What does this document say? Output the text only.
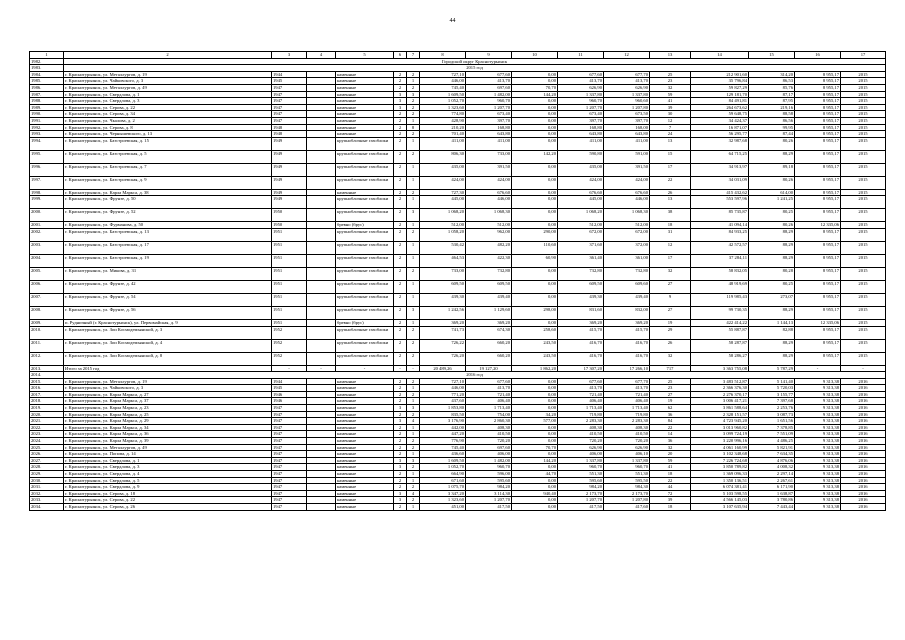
44
1	2	3	4	5	6	7	8	9	10	11	12	13	14	15	16	17
1982.	Городской округ Краснотурьинск															
1983.	2015 год															
1984.	г. Краснотурьинск, ул. Металлургов, д. 19	1944		каменные	2	2	727,10	677,60	0,00	677,60	677,70	25	212 901,60	314,20	8 955,17	2015
1985.	г. Краснотурьинск, ул. Чайковского, д. 3	1945		каменные	2	1	446,00	413,70	0,00	413,70	413,70	23	35 796,84	86,53	8 955,17	2015
1986.	г. Краснотурьинск, ул. Металлургов, д. 49	1947		каменные	2	2	745,40	697,60	70,70	626,90	626,90	32	59 827,29	85,76	8 955,17	2015
1987.	г. Краснотурьинск, ул. Свердлова, д. 1	1947		каменные	3	3	1 609,50	1 482,00	144,20	1 337,80	1 337,80	59	129 181,70	87,17	8 955,17	2015
1988.	г. Краснотурьинск, ул. Свердлова, д. 3	1947		каменные	3	2	1 052,70	960,70	0,00	960,70	960,60	41	84 491,81	87,95	8 955,17	2015
1989.	г. Краснотурьинск, ул. Серова, д. 22	1947		каменные	3	2	1 323,60	1 207,70	0,00	1 207,70	1 207,80	39	264 673,62	219,16	8 955,17	2015
1990.	г. Краснотурьинск, ул. Серова, д. 34	1947		каменные	2	2	774,80	673,40	0,00	673,40	673,50	30	59 648,75	88,58	8 955,17	2015
1991.	г. Краснотурьинск, ул. Чкалова, д. 2	1947		каменные	2	1	428,90	397,70	0,00	397,70	397,70	12	34 424,37	86,56	8 955,17	2015
1992.	г. Краснотурьинск, ул. Серова, д. 8	1948		каменные	2	8	210,20	168,80	0,00	168,80	168,00	7	16 871,07	99,95	8 955,17	2015
1993.	г. Краснотурьинск, ул. Чернышевского, д. 13	1948		каменные	2	2	701,40	643,80	0,00	643,80	643,80	24	56 295,77	87,44	8 955,17	2015
1994.	г. Краснотурьинск, ул. Базстроевская, д. 15	1949		крупноблочные газоблоки	2	1	411,00	411,00	0,00	411,00	411,00	13	32 987,68	80,26	8 955,17	2015
1995.	г. Краснотурьинск, ул. Базстроевская, д. 5	1949		крупноблочные газоблоки	2	2	806,30	733,00	142,20	590,80	591,00	15	64 715,25	88,29	8 955,17	2015
1996.	г. Краснотурьинск, ул. Базстроевская, д. 7	1949		крупноблочные газоблоки	2	1	435,00	391,50	0,00	435,00	391,50	17	34 913,97	89,18	8 955,17	2015
1997.	г. Краснотурьинск, ул. Базстроевская, д. 9	1949		крупноблочные газоблоки	2	1	424,00	424,00	0,00	424,00	424,00	22	34 031,09	80,26	8 955,17	2015
1998.	г. Краснотурьинск, ул. Карла Маркса, д. 38	1949		каменные	2	2	727,30	676,60	0,00	676,60	676,60	26	415 432,62	614,00	8 955,17	2015
1999.	г. Краснотурьинск, ул. Фрунзе, д. 50	1949		крупноблочные газоблоки	2	1	445,00	446,00	0,00	445,00	446,00	13	553 597,96	1 241,25	8 955,17	2015
2000.	г. Краснотурьинск, ул. Фрунзе, д. 52	1950		крупноблочные газоблоки	2	3	1 068,20	1 068,30	0,00	1 068,20	1 068,30	38	85 735,87	80,25	8 955,17	2015
2001.	г. Краснотурьинск, ул. Фурманова, д. 50	1950		бревно (брус)	2	1	512,00	512,00	0,00	512,00	512,00	18	41 094,14	80,26	12 335,06	2015
2002.	г. Краснотурьинск, ул. Базстроевская, д. 13	1951		крупноблочные газоблоки	2	2	1 058,20	962,00	290,00	672,00	672,00	31	84 933,25	88,29	8 955,17	2015
2003.	г. Краснотурьинск, ул. Базстроевская, д. 17	1951		крупноблочные газоблоки	2	1	530,42	482,20	110,60	371,60	372,00	12	42 572,57	88,29	8 955,17	2015
2004.	г. Краснотурьинск, ул. Базстроевская, д. 19	1951		крупноблочные газоблоки	2	1	464,53	422,30	60,90	361,40	361,00	17	37 284,11	88,29	8 955,17	2015
2005.	г. Краснотурьинск, ул. Микова, д. 31	1951		крупноблочные газоблоки	2	2	733,00	732,80	0,00	732,80	732,80	32	58 832,05	80,28	8 955,17	2015
2006.	г. Краснотурьинск, ул. Фрунзе, д. 42	1951		крупноблочные газоблоки	2	1	609,50	609,50	0,00	609,50	609,60	27	48 919,69	80,25	8 955,17	2015
2007.	г. Краснотурьинск, ул. Фрунзе, д. 54	1951		крупноблочные газоблоки	2	1	439,30	439,40	0,00	439,30	439,40	9	119 985,43	273,07	8 955,17	2015
2008.	г. Краснотурьинск, ул. Фрунзе, д. 56	1951		крупноблочные газоблоки	2	3	1 242,56	1 129,60	298,00	831,60	832,00	27	99 730,35	88,29	8 955,17	2015
2009.	п. Рудничный (г. Краснотурьинск), ул. Первомайская, д. 9	1951		бревно (брус)	2	1	369,20	369,20	0,00	369,20	369,20	19	422 414,22	1 144,13	12 335,06	2015
2010.	г. Краснотурьинск, ул. Зои Космодемьянской, д. 3	1952		крупноблочные газоблоки	2	2	741,73	674,30	258,60	415,70	415,70	29	55 887,87	82,88	8 955,17	2015
2011.	г. Краснотурьинск, ул. Зои Космодемьянской, д. 4	1952		крупноблочные газоблоки	2	2	726,22	660,20	243,50	416,70	416,70	26	58 287,87	88,29	8 955,17	2015
2012.	г. Краснотурьинск, ул. Зои Космодемьянской, д. 8	1952		крупноблочные газоблоки	2	2	726,20	660,20	243,50	416,70	416,70	32	58 286,27	88,29	8 955,17	2015
2013.	Итого за 2015 год	-	-	-	-	-	20 489,26	19 127,20	1 862,20	17 307,20	17 266,10	717	3 363 755,08	5 787,29	-	-
2014.	2016 год															
2015.	г. Краснотурьинск, ул. Металлургов, д. 19	1944		каменные	2	2	727,10	677,60	0,00	677,60	677,70	25	3 483 512,87	5 141,40	9 313,38	2016
2016.	г. Краснотурьинск, ул. Чайковского, д. 3	1945		каменные	2	1	446,00	413,70	0,00	413,70	413,70	23	2 366 376,30	5 720,03	9 313,38	2016
2017.	г. Краснотурьинск, ул. Карла Маркса, д. 27	1946		каменные	2	2	771,20	721,40	0,00	721,40	721,40	27	2 276 370,17	3 155,77	9 313,38	2016
2018.	г. Краснотурьинск, ул. Карла Маркса, д. 37	1946		каменные	2	1	437,60	406,40	0,00	406,40	406,40	19	3 006 417,21	7 397,68	9 313,38	2016
2019.	г. Краснотурьинск, ул. Карла Маркса, д. 23	1947		каменные	3	3	1 853,80	1 713,40	0,00	1 713,40	1 713,40	62	3 861 588,64	2 253,76	9 313,38	2016
2020.	г. Краснотурьинск, ул. Карла Маркса, д. 25	1947		каменные	2	2	835,50	754,00	34,20	719,80	719,80	36	2 328 151,57	3 087,73	9 313,38	2016
2021.	г. Краснотурьинск, ул. Карла Маркса, д. 29	1947		каменные	3	4	3 176,90	2 860,30	577,00	2 283,30	2 283,30	84	4 723 945,20	1 651,56	9 313,38	2016
2022.	г. Краснотурьинск, ул. Карла Маркса, д. 34	1947		каменные	2	1	442,00	408,30	0,00	408,30	408,30	22	3 013 960,82	7 378,85	9 313,38	2016
2023.	г. Краснотурьинск, ул. Карла Маркса, д. 36	1947		каменные	2	1	447,20	410,50	0,00	410,50	410,50	14	3 099 724,19	7 551,09	9 313,38	2016
2024.	г. Краснотурьинск, ул. Карла Маркса, д. 39	1947		каменные	2	2	776,90	720,20	0,00	720,20	720,20	36	3 220 996,16	4 486,25	9 313,38	2016
2025.	г. Краснотурьинск, ул. Металлургов, д. 49	1947		каменные	2	2	745,40	697,60	70,70	626,90	626,90	32	4 061 160,99	5 821,91	9 313,38	2016
2026.	г. Краснотурьинск, ул. Попова, д. 14	1947		каменные	2	1	436,60	406,00	0,00	406,00	406,10	20	3 102 348,68	7 634,35	9 313,38	2016
2027.	г. Краснотурьинск, ул. Свердлова, д. 1	1947		каменные	3	3	1 609,50	1 482,00	144,20	1 337,80	1 337,80	59	7 226 724,68	4 876,06	9 313,38	2016
2028.	г. Краснотурьинск, ул. Свердлова, д. 3	1947		каменные	3	2	1 052,70	960,70	0,00	960,70	960,70	41	3 850 789,82	4 008,32	9 313,38	2016
2029.	г. Краснотурьинск, ул. Свердлова, д. 4	1947		каменные	2	1	664,90	596,00	44,70	551,30	551,30	18	1 369 096,33	2 297,14	9 313,38	2016
2030.	г. Краснотурьинск, ул. Свердлова, д. 5	1947		каменные	2	1	671,60	595,60	0,00	595,60	595,50	22	1 350 136,51	2 267,61	9 313,38	2016
2031.	г. Краснотурьинск, ул. Свердлова, д. 9	1947		каменные	2	2	1 075,70	984,20	0,00	984,20	984,30	44	6 074 381,41	6 171,90	9 313,38	2016
2032.	г. Краснотурьинск, ул. Серова, д. 18	1947		каменные	3	4	3 347,20	3 114,30	940,40	2 173,70	2 173,70	72	5 103 598,55	1 638,87	9 313,38	2016
2033.	г. Краснотурьинск, ул. Серова, д. 22	1947		каменные	3	2	1 323,60	1 207,70	0,00	1 207,70	1 207,80	39	4 566 145,03	3 780,86	9 313,38	2016
2034.	г. Краснотурьинск, ул. Серова, д. 26	1947		каменные	2	1	451,00	417,50	0,00	417,50	417,60	18	3 107 635,94	7 443,44	9 313,38	2016
